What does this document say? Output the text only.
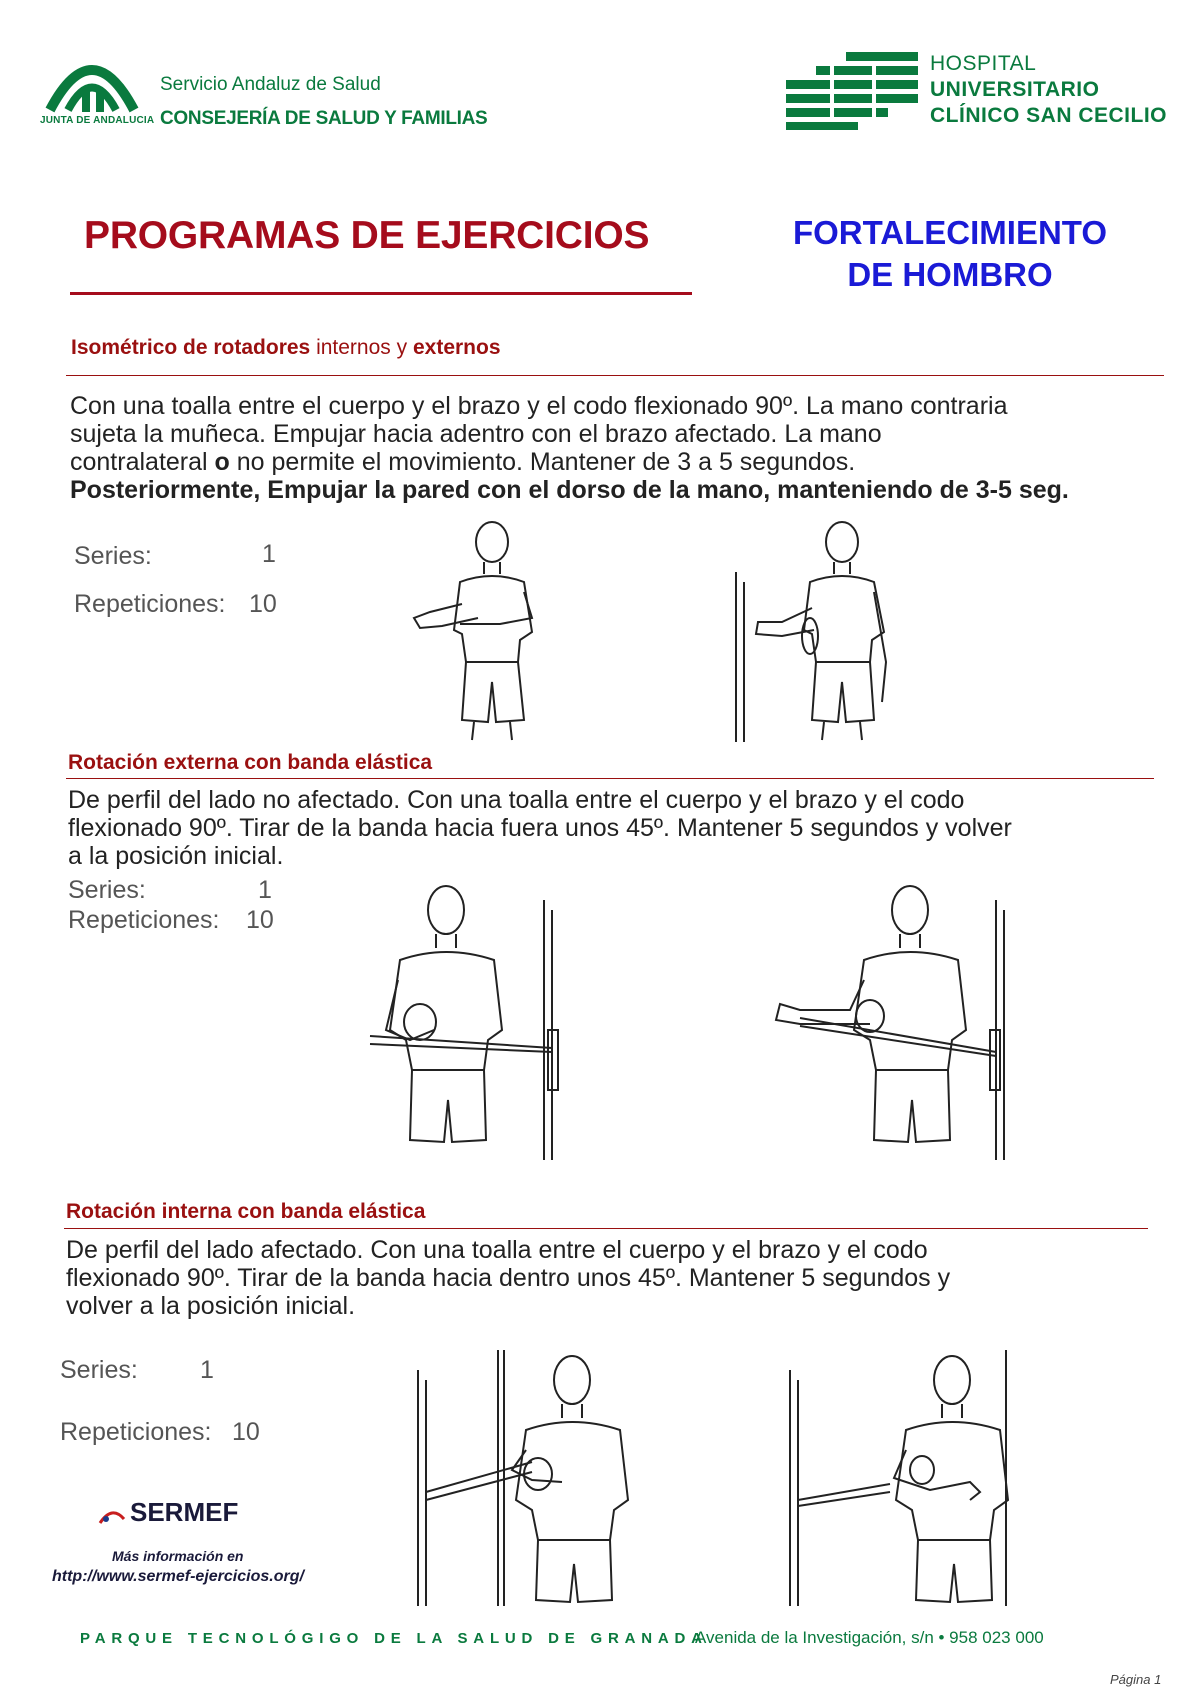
JUNTA DE ANDALUCIA
Servicio Andaluz de Salud
CONSEJERÍA DE SALUD Y FAMILIAS
HOSPITAL
UNIVERSITARIO
CLÍNICO SAN CECILIO
PROGRAMAS DE EJERCICIOS	FORTALECIMIENTO
DE HOMBRO
Isométrico de rotadores internos y externos
Con una toalla entre el cuerpo y el brazo y el codo flexionado 90º. La mano contraria
sujeta la muñeca. Empujar hacia adentro con el brazo afectado. La mano
contralateral o no permite el movimiento. Mantener de 3 a 5 segundos.
Posteriormente, Empujar la pared con el dorso de la mano, manteniendo de 3-5 seg.
Series:	1
Repeticiones: 10
Rotación externa con banda elástica
De perfil del lado no afectado. Con una toalla entre el cuerpo y el brazo y el codo
flexionado 90º. Tirar de la banda hacia fuera unos 45º. Mantener 5 segundos y volver
a la posición inicial.
Series:	1
Repeticiones: 10
Rotación interna con banda elástica
De perfil del lado afectado. Con una toalla entre el cuerpo y el brazo y el codo
flexionado 90º. Tirar de la banda hacia dentro unos 45º. Mantener 5 segundos y
volver a la posición inicial.
Series: 1
Repeticiones: 10
SERMEF
Más información en
http://www.sermef-ejercicios.org/
PARQUE TECNOLÓGIGO DE LA SALUD DE GRANADA
Avenida de la Investigación, s/n • 958 023 000
Página 1
